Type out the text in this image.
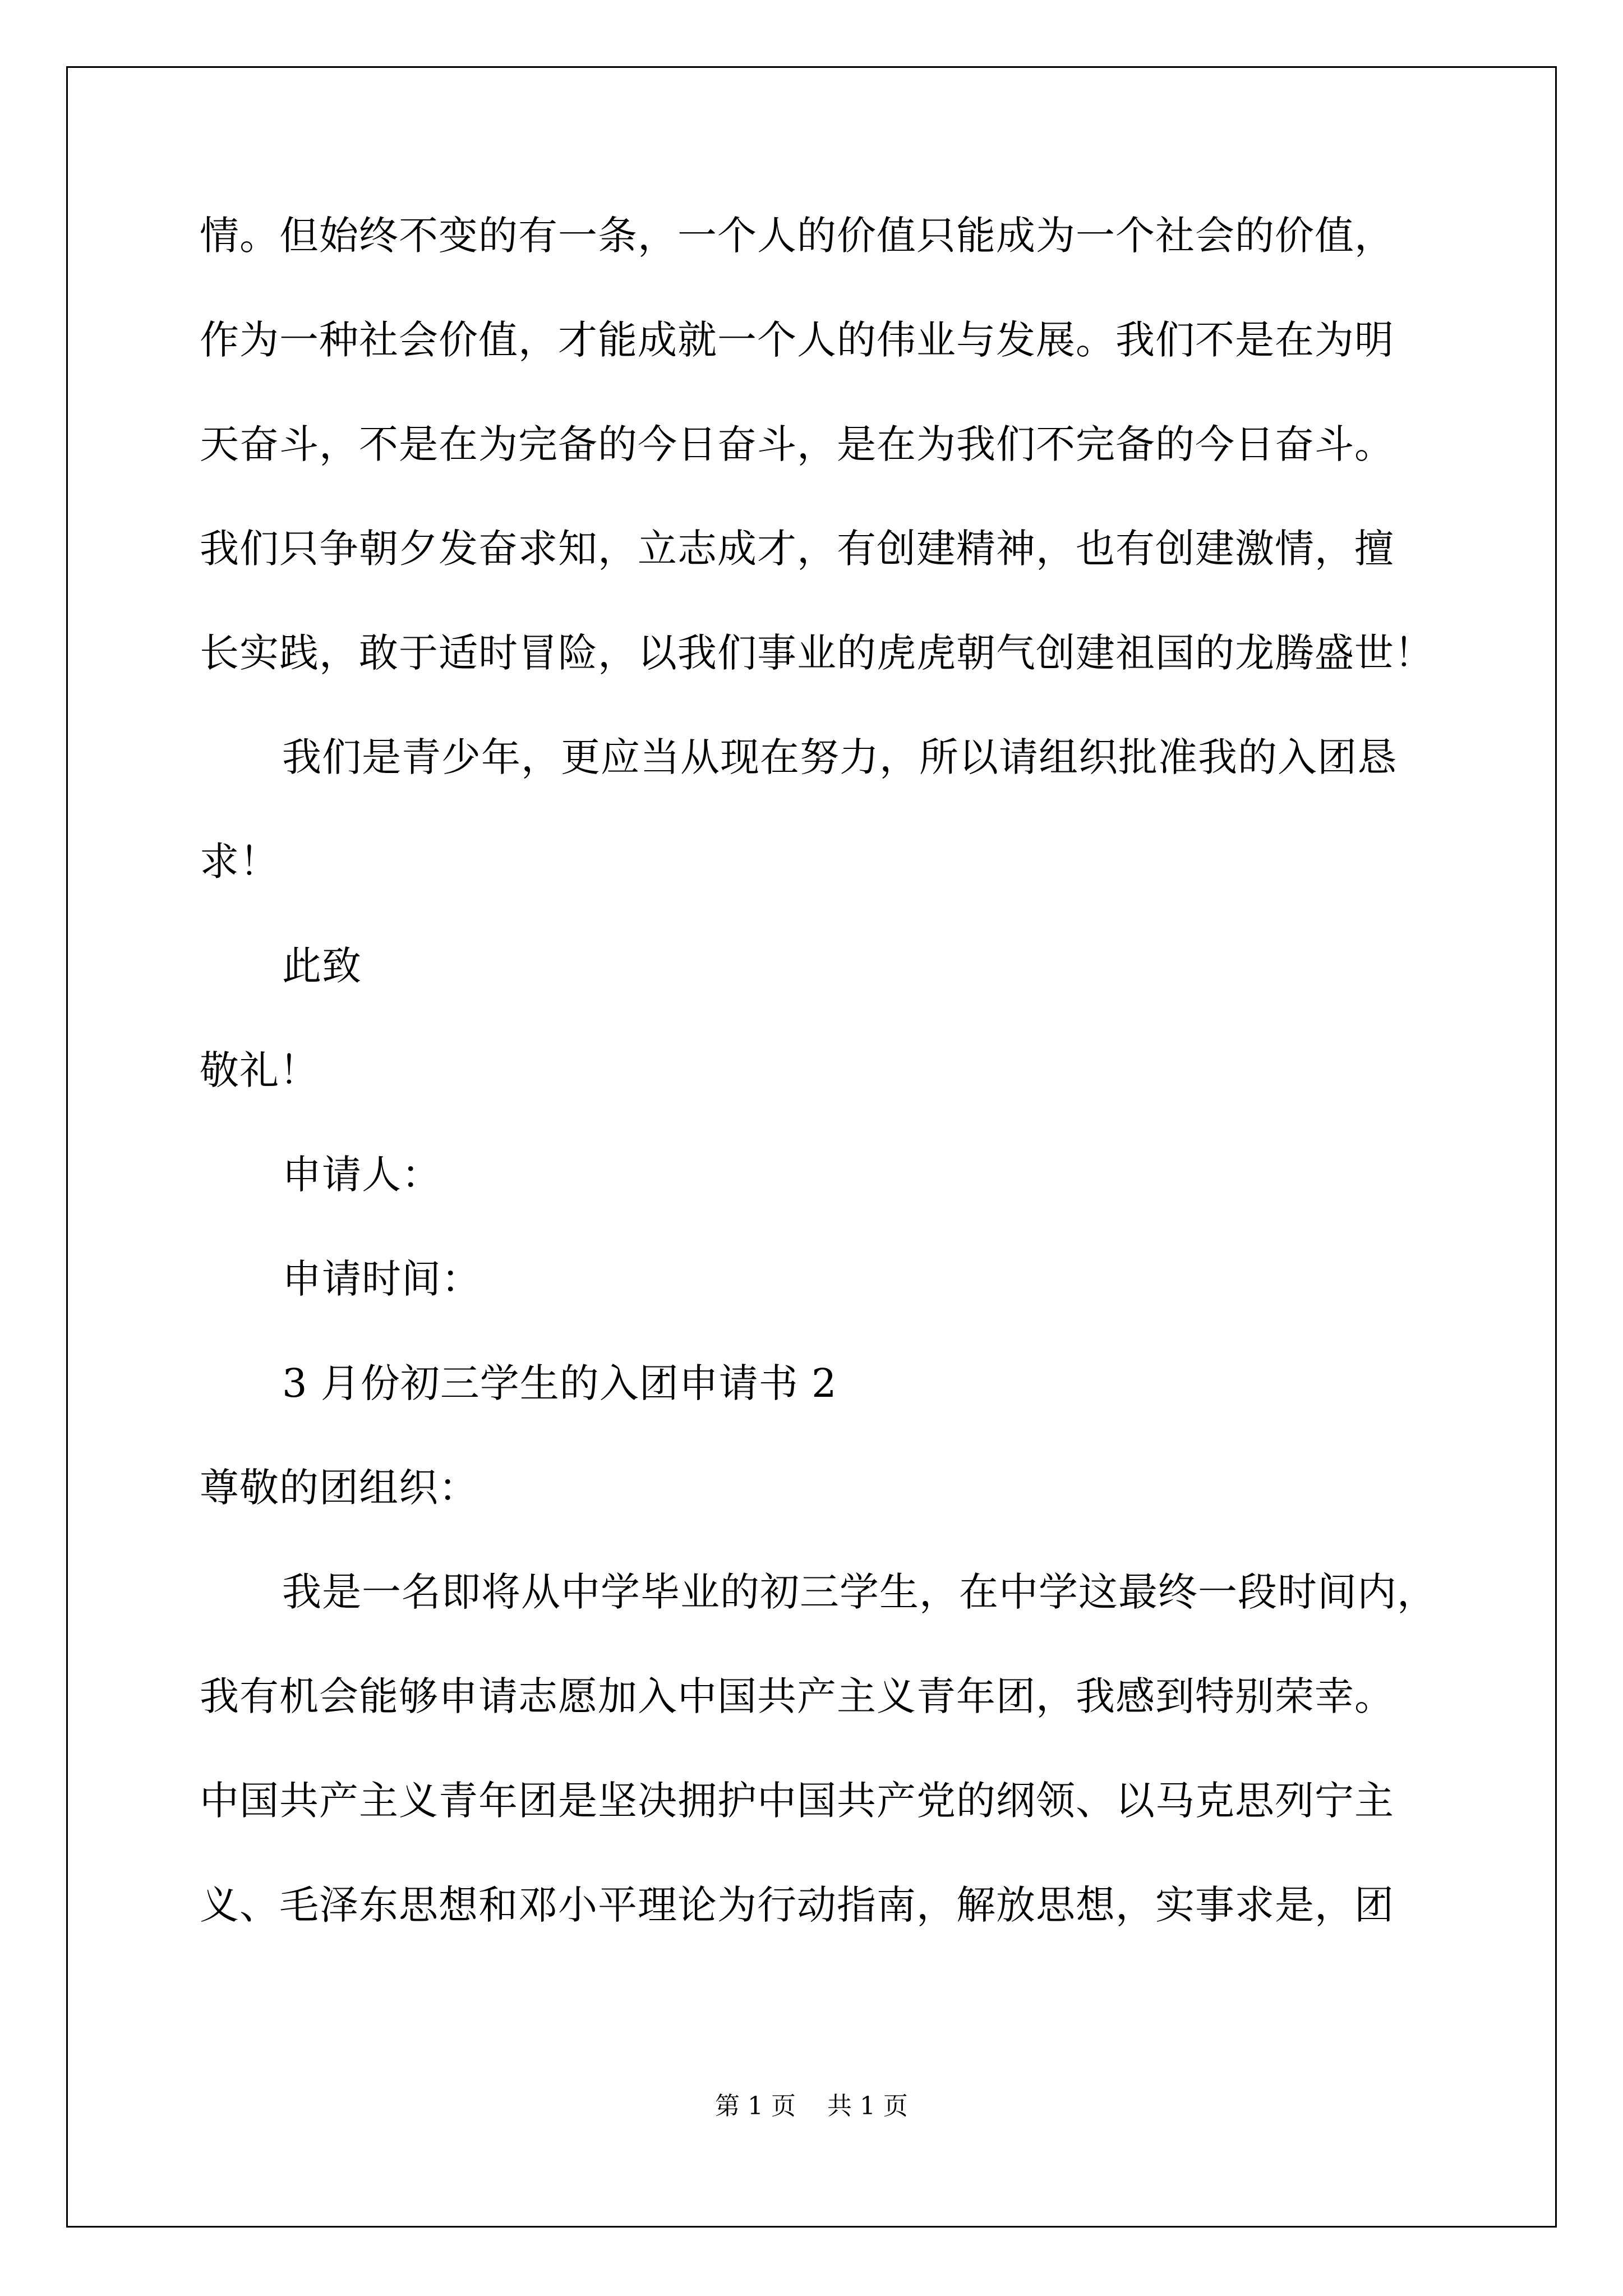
情。但始终不变的有一条，一个人的价值只能成为一个社会的价值，
作为一种社会价值，才能成就一个人的伟业与发展。我们不是在为明
天奋斗，不是在为完备的今日奋斗，是在为我们不完备的今日奋斗。
我们只争朝夕发奋求知，立志成才，有创建精神，也有创建激情，擅
长实践，敢于适时冒险，以我们事业的虎虎朝气创建祖国的龙腾盛世！
我们是青少年，更应当从现在努力，所以请组织批准我的入团恳
求！
此致
敬礼！
申请人：
申请时间：
3 月份初三学生的入团申请书 2
尊敬的团组织：
我是一名即将从中学毕业的初三学生，在中学这最终一段时间内，
我有机会能够申请志愿加入中国共产主义青年团，我感到特别荣幸。
中国共产主义青年团是坚决拥护中国共产党的纲领、以马克思列宁主
义、毛泽东思想和邓小平理论为行动指南，解放思想，实事求是，团
第 1 页    共 1 页
